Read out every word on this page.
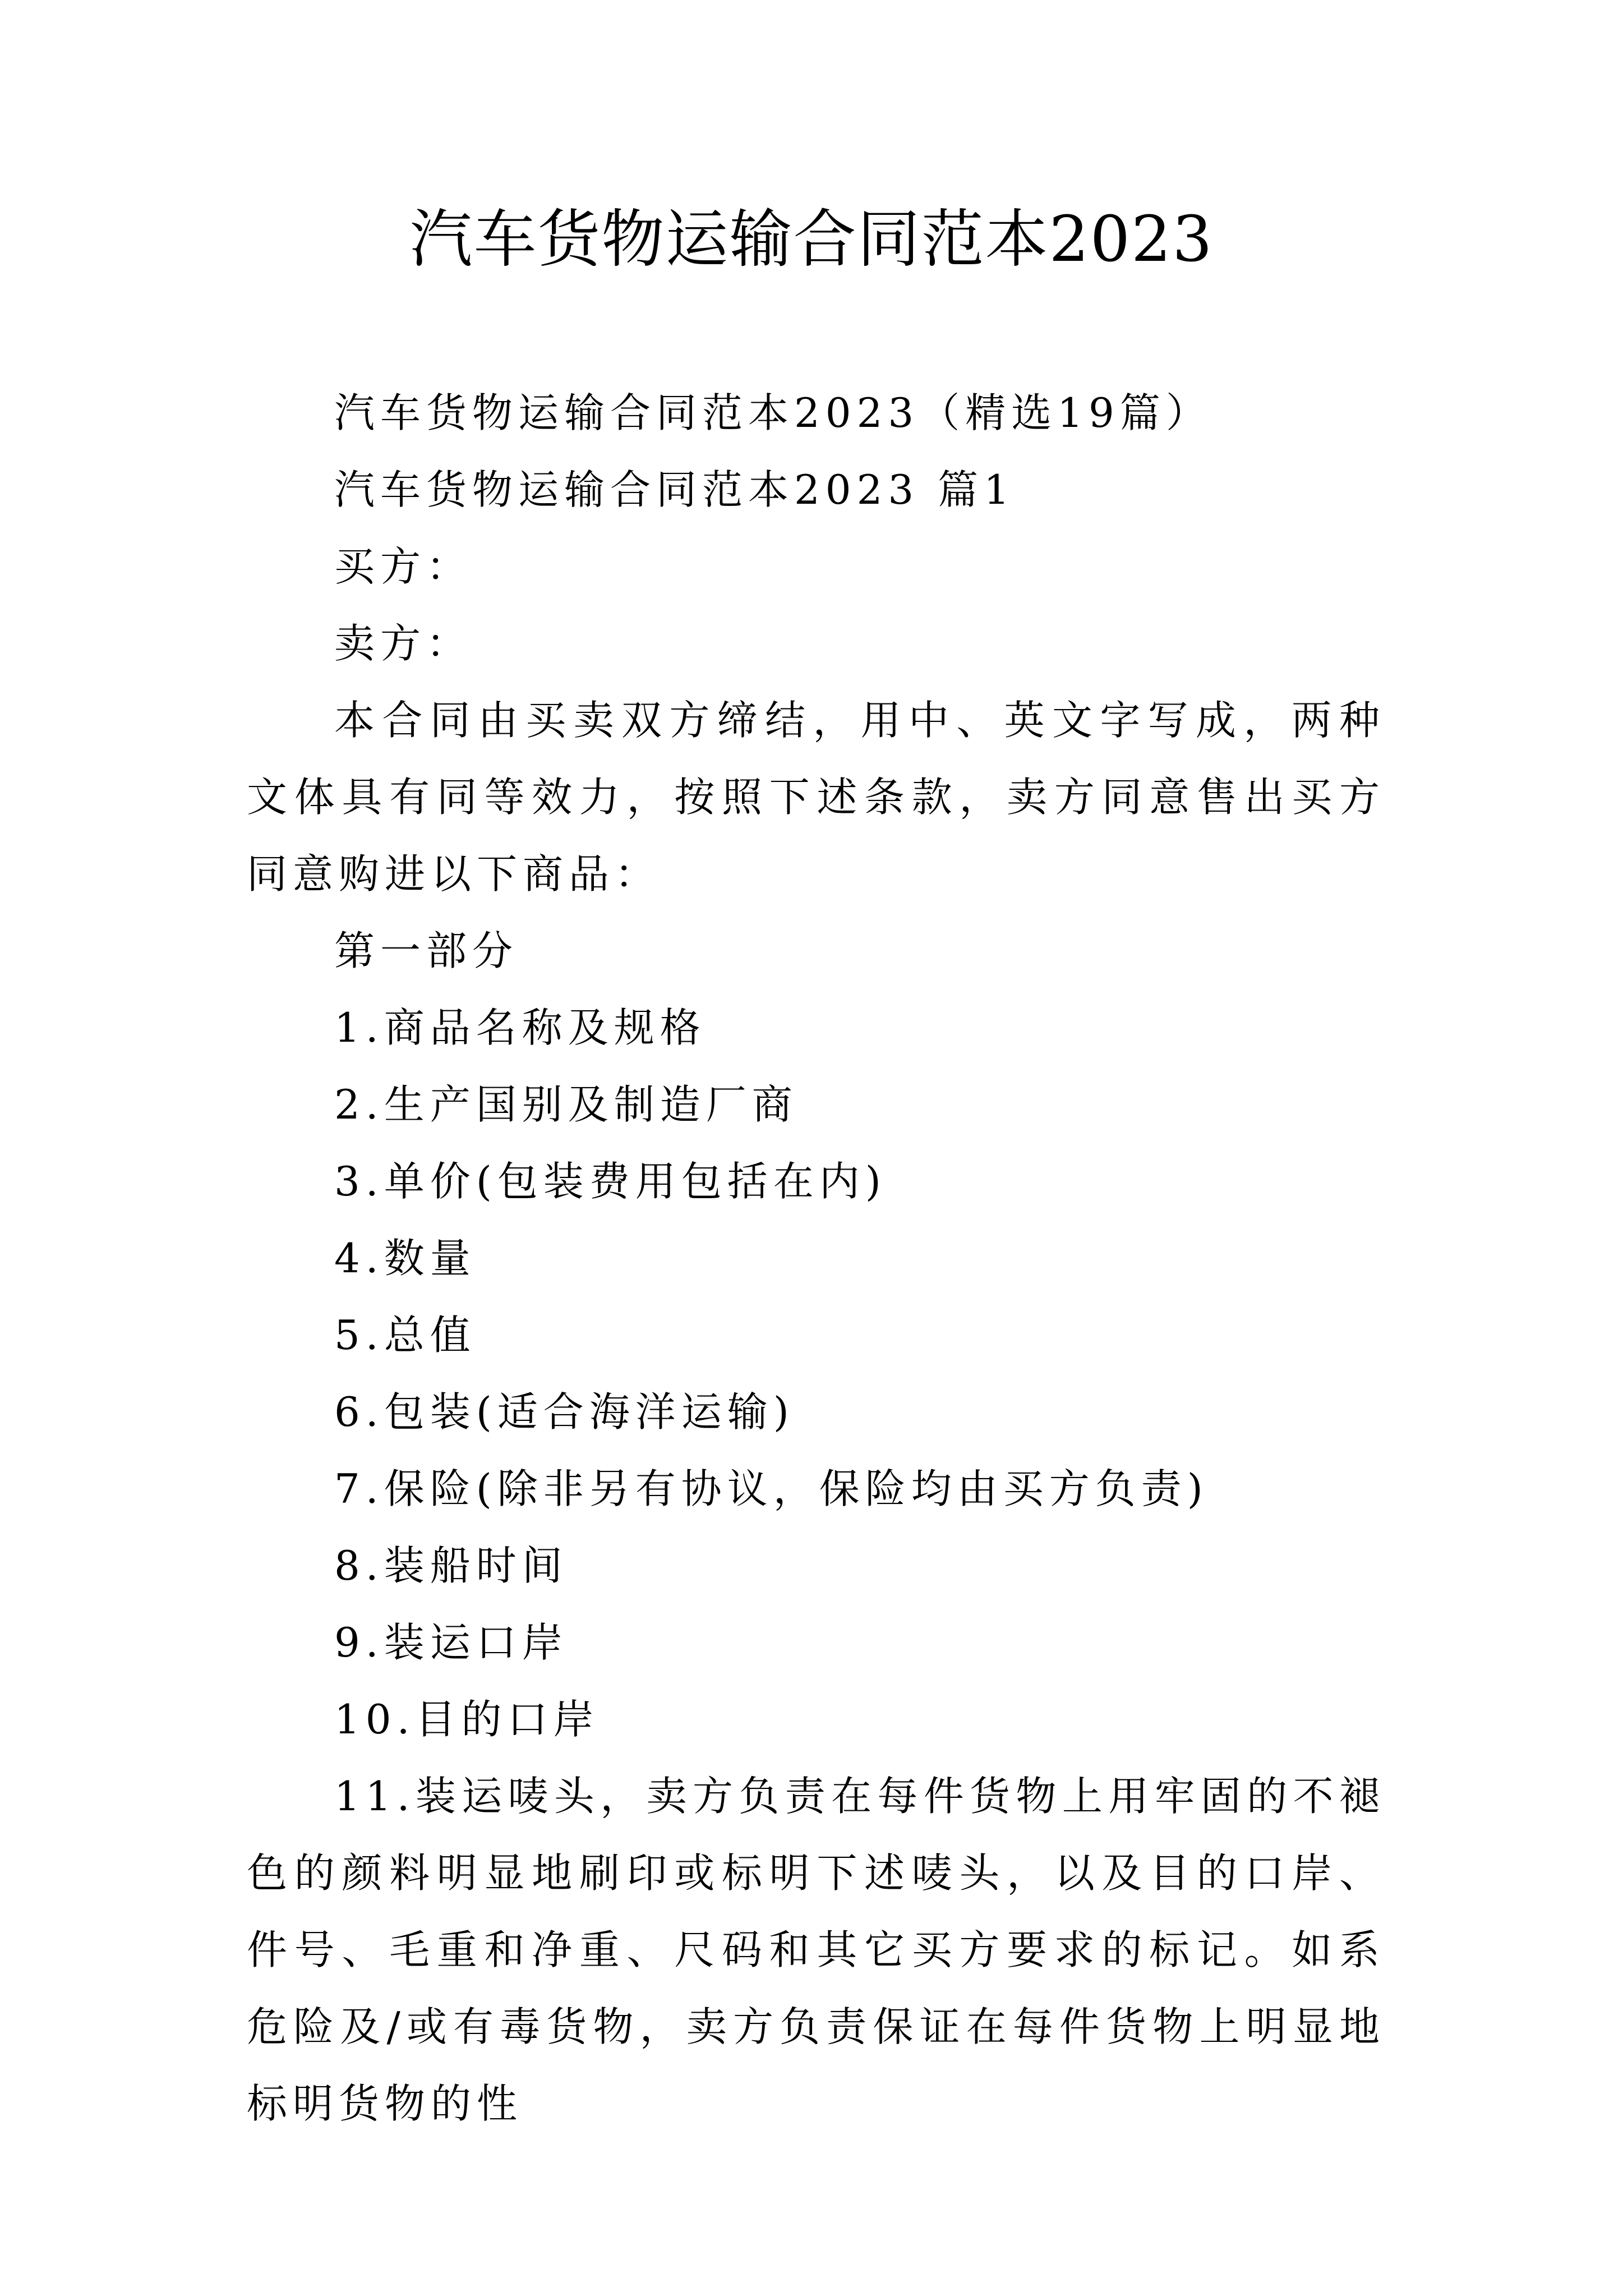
汽车货物运输合同范本2023

汽车货物运输合同范本2023（精选19篇）

汽车货物运输合同范本2023 篇1

买方：

卖方：

本合同由买卖双方缔结，用中、英文字写成，两种文体具有同等效力，按照下述条款，卖方同意售出买方同意购进以下商品：

第一部分

1.商品名称及规格

2.生产国别及制造厂商

3.单价(包装费用包括在内)

4.数量

5.总值

6.包装(适合海洋运输)

7.保险(除非另有协议，保险均由买方负责)

8.装船时间

9.装运口岸

10.目的口岸

11.装运唛头，卖方负责在每件货物上用牢固的不褪色的颜料明显地刷印或标明下述唛头，以及目的口岸、件号、毛重和净重、尺码和其它买方要求的标记。如系危险及/或有毒货物，卖方负责保证在每件货物上明显地标明货物的性
